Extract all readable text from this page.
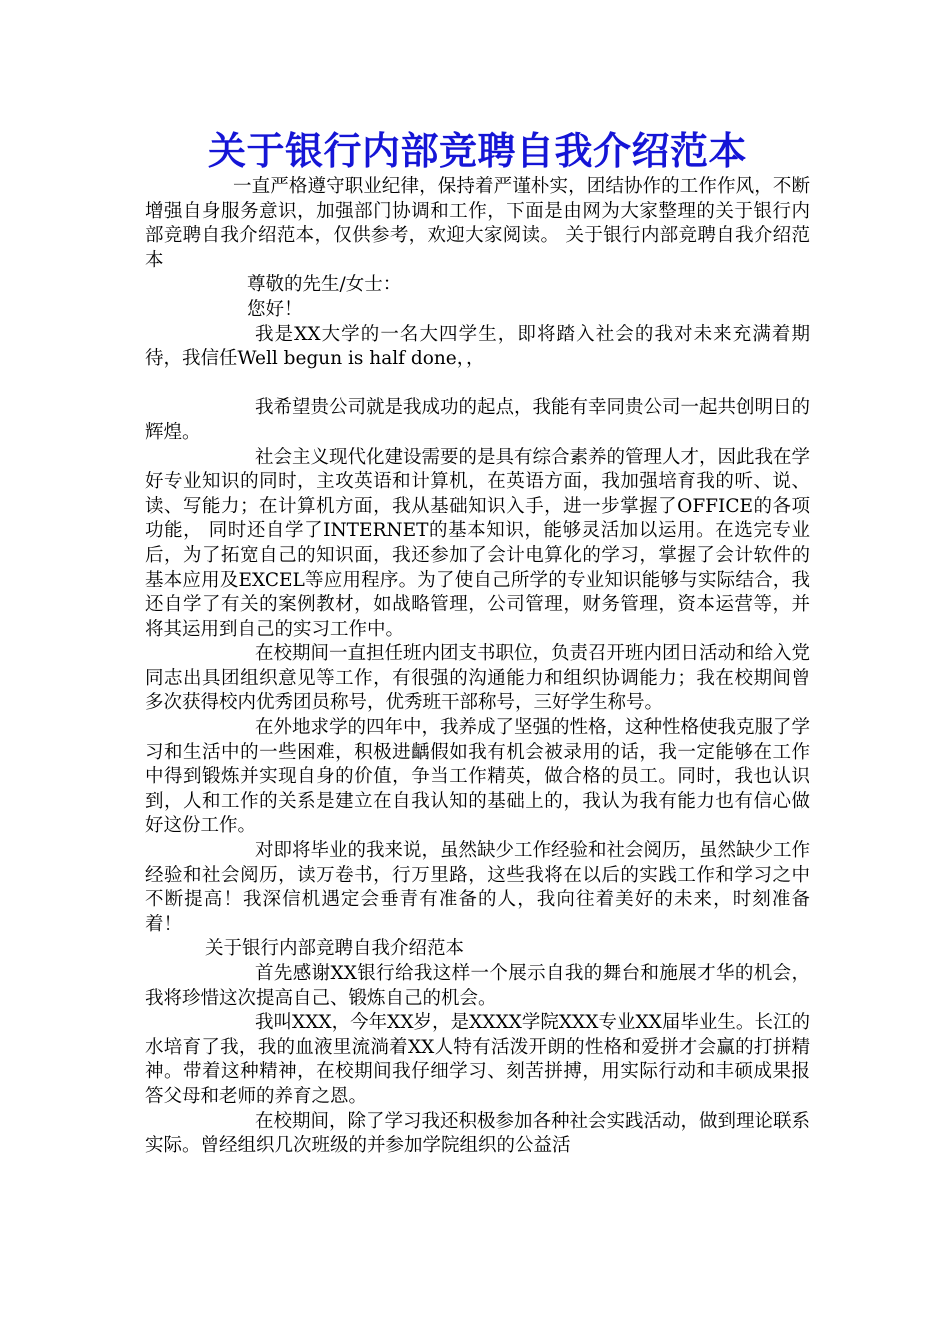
关于银行内部竞聘自我介绍范本

一直严格遵守职业纪律，保持着严谨朴实，团结协作的工作作风，不断增强自身服务意识，加强部门协调和工作，下面是由网为大家整理的关于银行内部竞聘自我介绍范本，仅供参考，欢迎大家阅读。 关于银行内部竞聘自我介绍范本

尊敬的先生/女士：

您好！

我是XX大学的一名大四学生，即将踏入社会的我对未来充满着期待，我信任Well begun is half done，，

我希望贵公司就是我成功的起点，我能有幸同贵公司一起共创明日的辉煌。

社会主义现代化建设需要的是具有综合素养的管理人才，因此我在学好专业知识的同时，主攻英语和计算机，在英语方面，我加强培育我的听、说、读、写能力；在计算机方面，我从基础知识入手，进一步掌握了OFFICE的各项功能， 同时还自学了INTERNET的基本知识，能够灵活加以运用。在选完专业后，为了拓宽自己的知识面，我还参加了会计电算化的学习，掌握了会计软件的基本应用及EXCEL等应用程序。为了使自己所学的专业知识能够与实际结合，我还自学了有关的案例教材，如战略管理，公司管理，财务管理，资本运营等，并将其运用到自己的实习工作中。

在校期间一直担任班内团支书职位，负责召开班内团日活动和给入党同志出具团组织意见等工作，有很强的沟通能力和组织协调能力；我在校期间曾多次获得校内优秀团员称号，优秀班干部称号，三好学生称号。

在外地求学的四年中，我养成了坚强的性格，这种性格使我克服了学习和生活中的一些困难，积极进齲假如我有机会被录用的话，我一定能够在工作中得到锻炼并实现自身的价值，争当工作精英，做合格的员工。同时，我也认识到，人和工作的关系是建立在自我认知的基础上的，我认为我有能力也有信心做好这份工作。

对即将毕业的我来说，虽然缺少工作经验和社会阅历，虽然缺少工作经验和社会阅历，读万卷书，行万里路，这些我将在以后的实践工作和学习之中不断提高！我深信机遇定会垂青有准备的人，我向往着美好的未来，时刻准备着！

关于银行内部竞聘自我介绍范本

首先感谢XX银行给我这样一个展示自我的舞台和施展才华的机会，我将珍惜这次提高自己、锻炼自己的机会。

我叫XXX，今年XX岁，是XXXX学院XXX专业XX届毕业生。长江的水培育了我，我的血液里流淌着XX人特有活泼开朗的性格和爱拼才会赢的打拼精神。带着这种精神，在校期间我仔细学习、刻苦拼搏，用实际行动和丰硕成果报答父母和老师的养育之恩。

在校期间，除了学习我还积极参加各种社会实践活动，做到理论联系实际。曾经组织几次班级的并参加学院组织的公益活
